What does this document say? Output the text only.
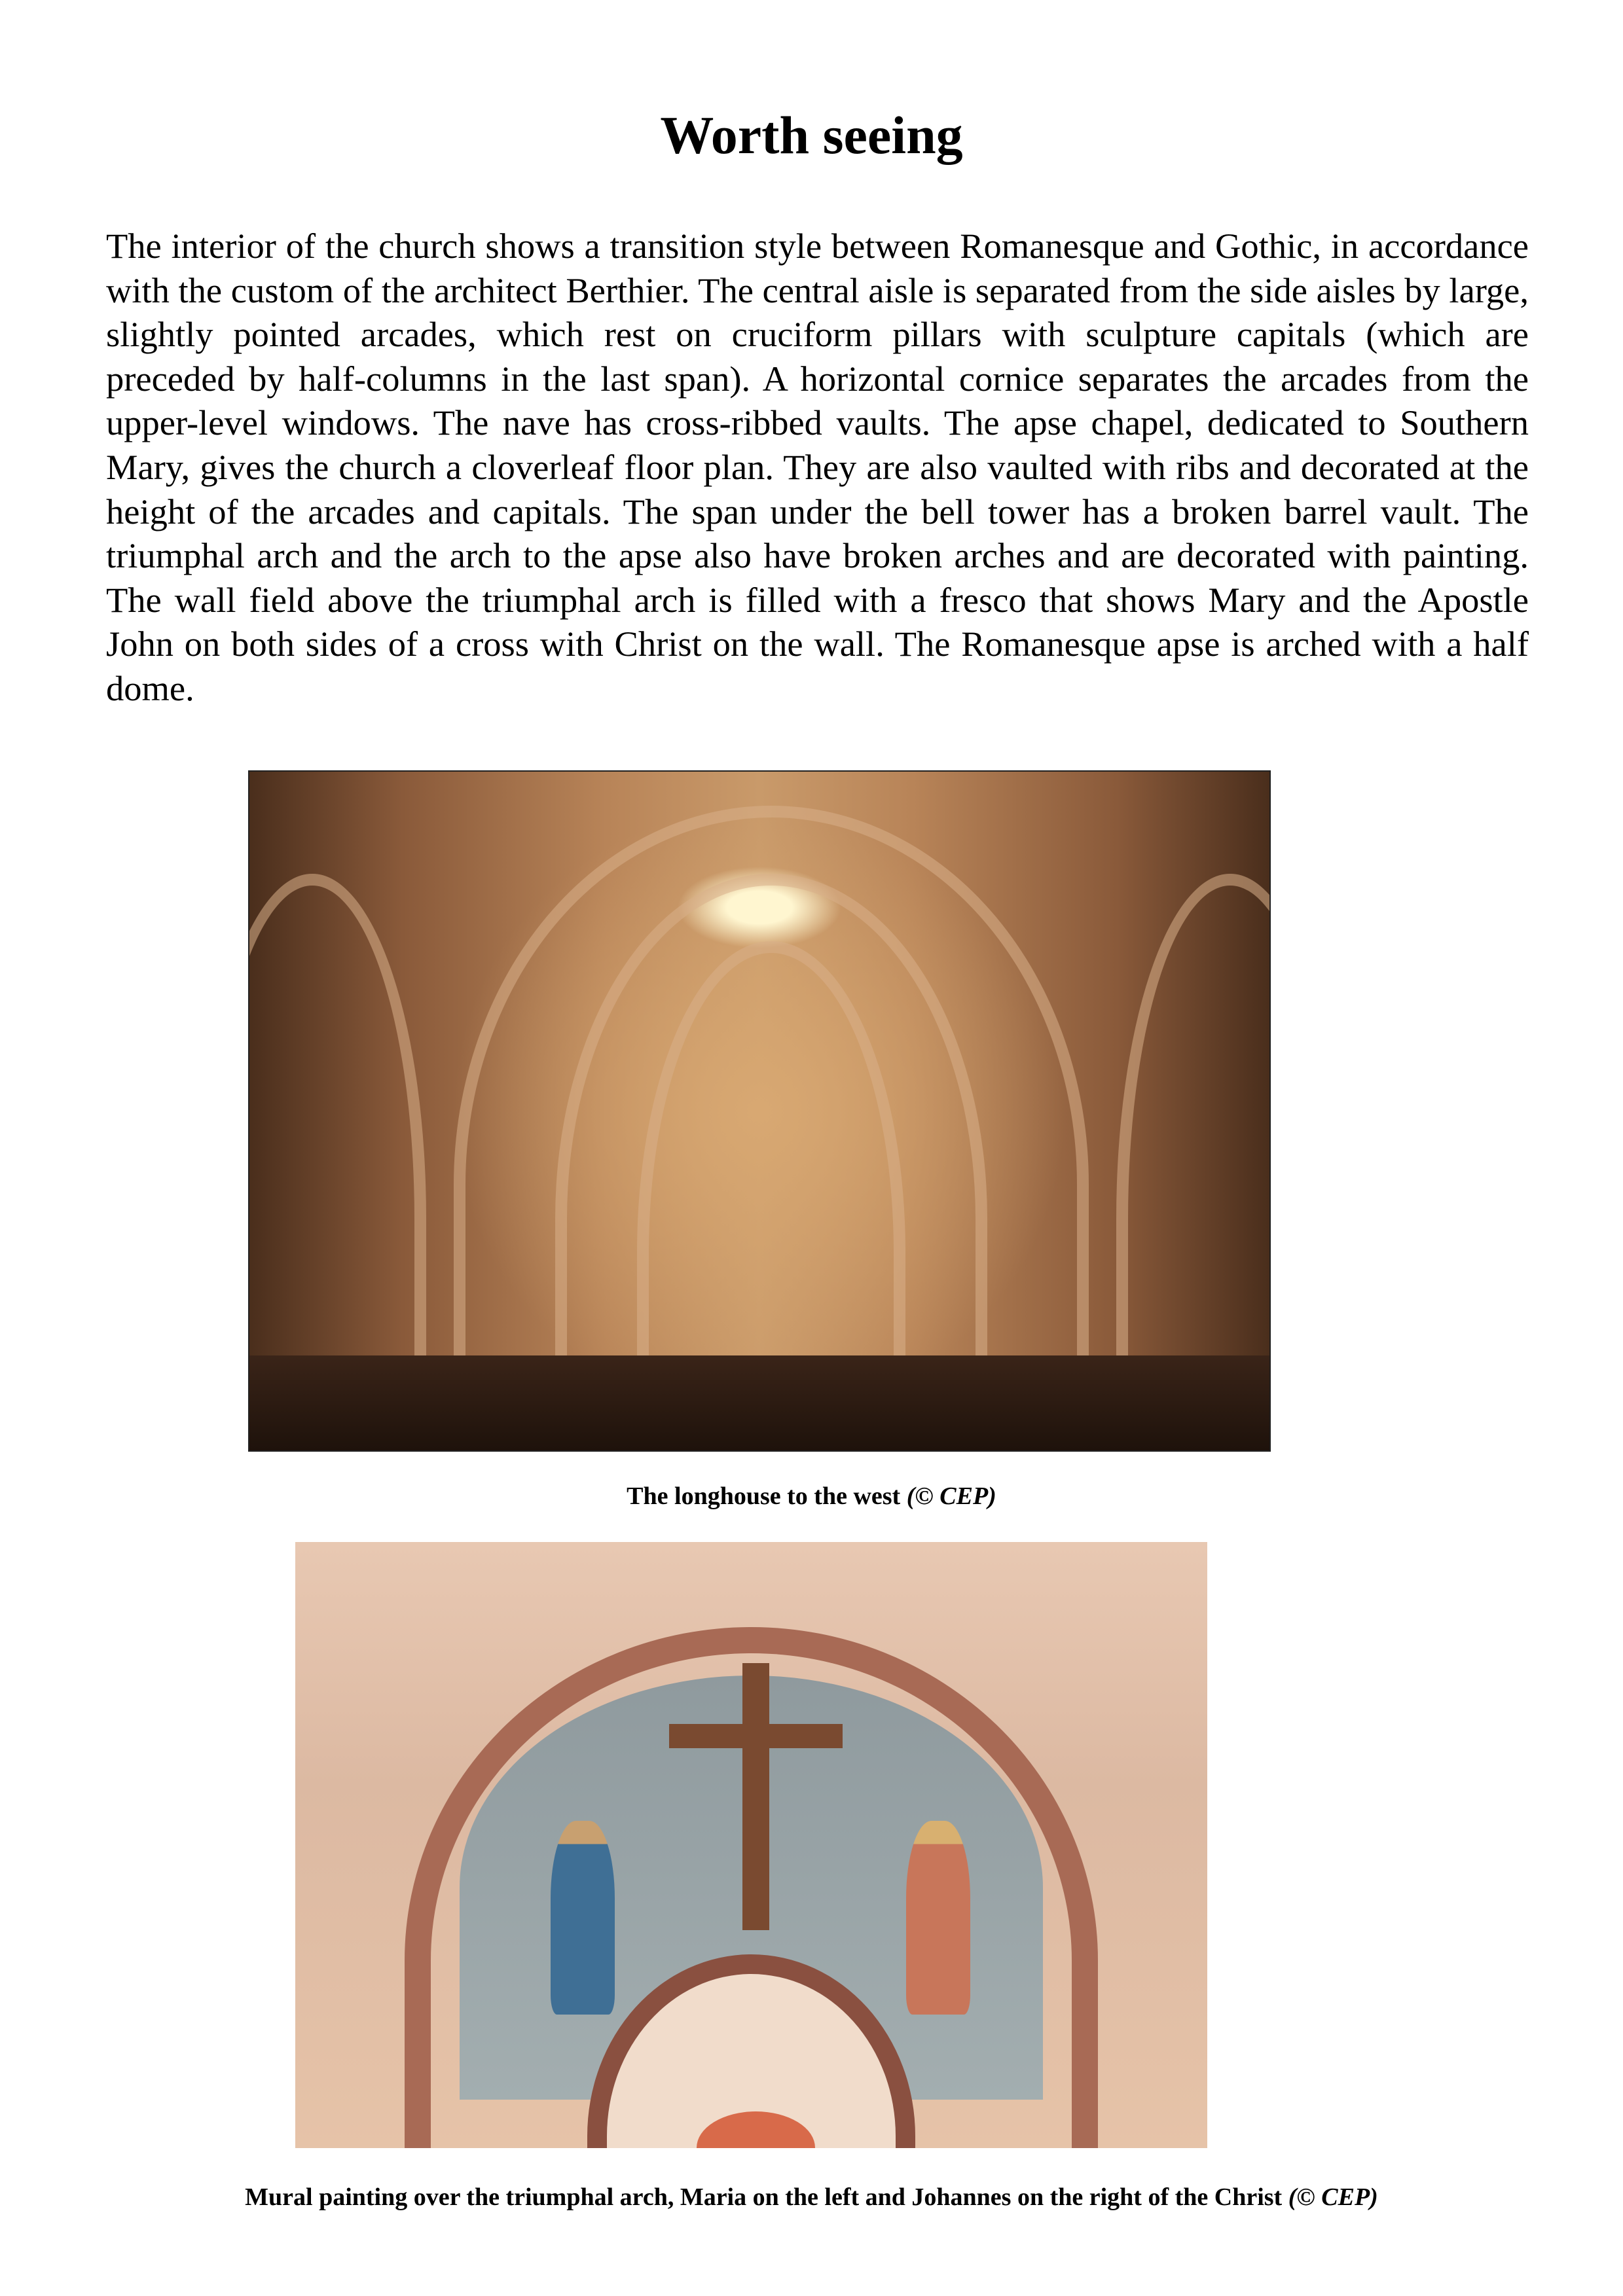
Worth seeing

The interior of the church shows a transition style between Romanesque and Gothic, in accordance with the custom of the architect Berthier. The central aisle is separated from the side aisles by large, slightly pointed arcades, which rest on cruciform pillars with sculpture capitals (which are preceded by half-columns in the last span). A horizontal cornice separates the arcades from the upper-level windows. The nave has cross-ribbed vaults. The apse chapel, dedicated to Southern Mary, gives the church a cloverleaf floor plan. They are also vaulted with ribs and decorated at the height of the arcades and capitals. The span under the bell tower has a broken barrel vault. The triumphal arch and the arch to the apse also have broken arches and are decorated with painting. The wall field above the triumphal arch is filled with a fresco that shows Mary and the Apostle John on both sides of a cross with Christ on the wall. The Romanesque apse is arched with a half dome.

The longhouse to the west (© CEP)

Mural painting over the triumphal arch, Maria on the left and Johannes on the right of the Christ (© CEP)
